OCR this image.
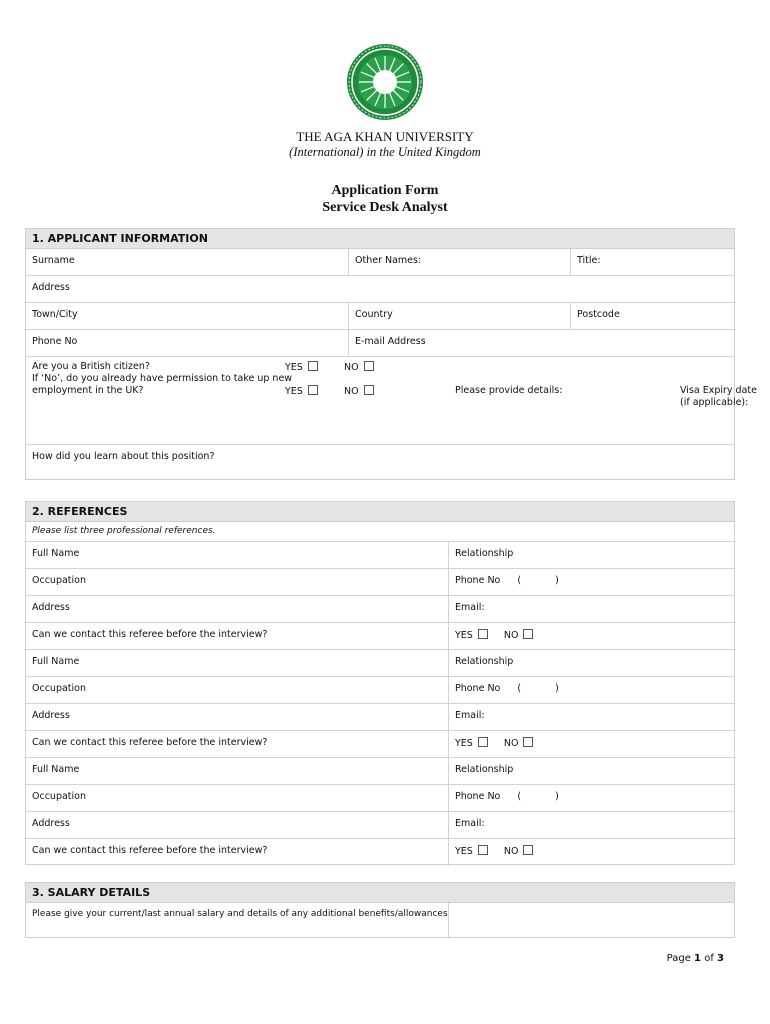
THE AGA KHAN UNIVERSITY
(International) in the United Kingdom
Application Form
Service Desk Analyst
1. APPLICANT INFORMATION
Surname	Other Names:	Title:
Address
Town/City	Country	Postcode
Phone No	E-mail Address
Are you a British citizen?
If ‘No’, do you already have permission to take up new
employment in the UK?
YES	NO
YES	NO	Please provide details:	Visa Expiry date
(if applicable):
How did you learn about this position?
2. REFERENCES
Please list three professional references.
Full Name	Relationship
Occupation	Phone No (	)
Address	Email:
Can we contact this referee before the interview?	YES	NO
Full Name	Relationship
Occupation	Phone No (	)
Address	Email:
Can we contact this referee before the interview?	YES	NO
Full Name	Relationship
Occupation	Phone No (	)
Address	Email:
Can we contact this referee before the interview?	YES	NO
3. SALARY DETAILS
Please give your current/last annual salary and details of any additional benefits/allowances
Page 1 of 3
